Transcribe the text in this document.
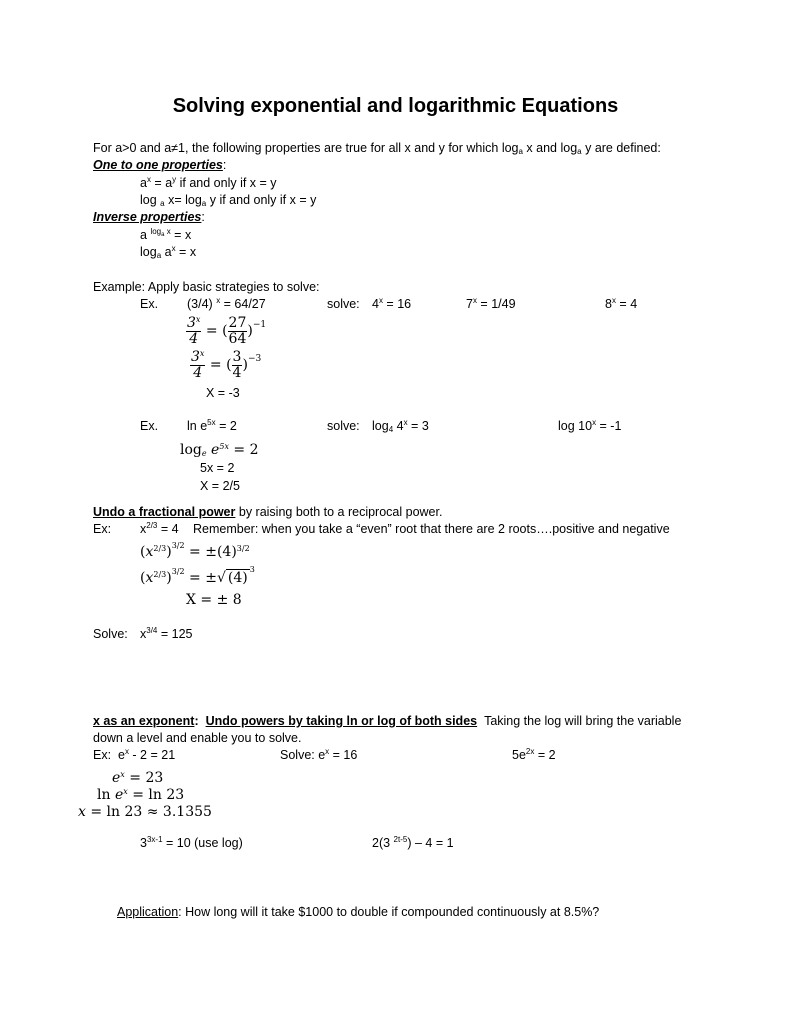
Solving exponential and logarithmic Equations
For a>0 and a≠1, the following properties are true for all x and y for which $\log_a x$ and $\log_a y$ are defined:
One to one properties:
$a^x = a^y$ if and only if x = y
log $_a$ $x= \log_a y$ if and only if x = y
Inverse properties:
a $^{log_a x}$ = x
$\log_a a^x = x$
Example: Apply basic strategies to solve:
Ex. (3/4) $^x$ = 64/27	solve: $4^x = 16$	$7^x = 1/49$	$8^x = 4$
$\frac{3^x}{4}$ = ( $\frac{27}{64} )^{-1}$
$\frac{3^x}{4}$ = ( $\frac{3}{4} )^{-3}$
X = -3
Ex. $\ln e^{5x} = 2$	solve: $\log_4 4^x = 3$	$\log 10^x = -1$
$\log_e e^{5x} = 2$
5x = 2
X = 2/5
Undo a fractional power by raising both to a reciprocal power.
Ex: $x^{2/3} = 4$ Remember: when you take a “even” root that there are 2 roots….positive and negative
$(x^{2/3})^{3/2} = \pm(4)^{3/2}$
$(x^{2/3})^{3/2}$ = ±√ $(4)^3$
X = ± 8
Solve: $x^{3/4} = 125$
x as an exponent: Undo powers by taking ln or log of both sides Taking the log will bring the variable
down a level and enable you to solve.
Ex: $e^x - 2 = 21$	Solve: $e^x = 16$	$5e^{2x} = 2$
$e^x = 23$
$\ln e^x = \ln 23$
x = ln 23 ≈ 3.1355
$3^{3x-1} = 10$ (use log)	2(3 $^{2t-5}$) – 4 = 1
Application: How long will it take $1000 to double if compounded continuously at 8.5%?
